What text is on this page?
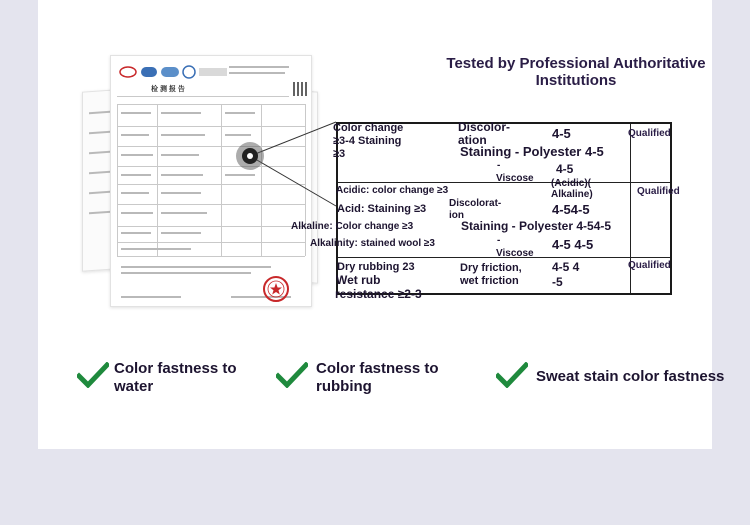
检 测 报 告
Tested by Professional Authoritative
Institutions
Color change ≥3-4 Staining ≥3
Discolor-ation	4-5
Staining - Polyester 4-5
-
Viscose
4-5
Qualified
Acidic: color change ≥3
Acid: Staining ≥3
Alkaline: Color change ≥3
Alkalinity: stained wool ≥3
(Acidic)( Alkaline)
Discolorat-ion	4-54-5
Staining - Polyester 4-54-5
-
Viscose
4-5 4-5
Qualified
Dry rubbing 23
Wet rub
resistance ≥2-3
Dry friction,
wet friction
4-5 4
-5
Qualified
Color fastness to water
Color fastness to rubbing
Sweat stain color fastness
